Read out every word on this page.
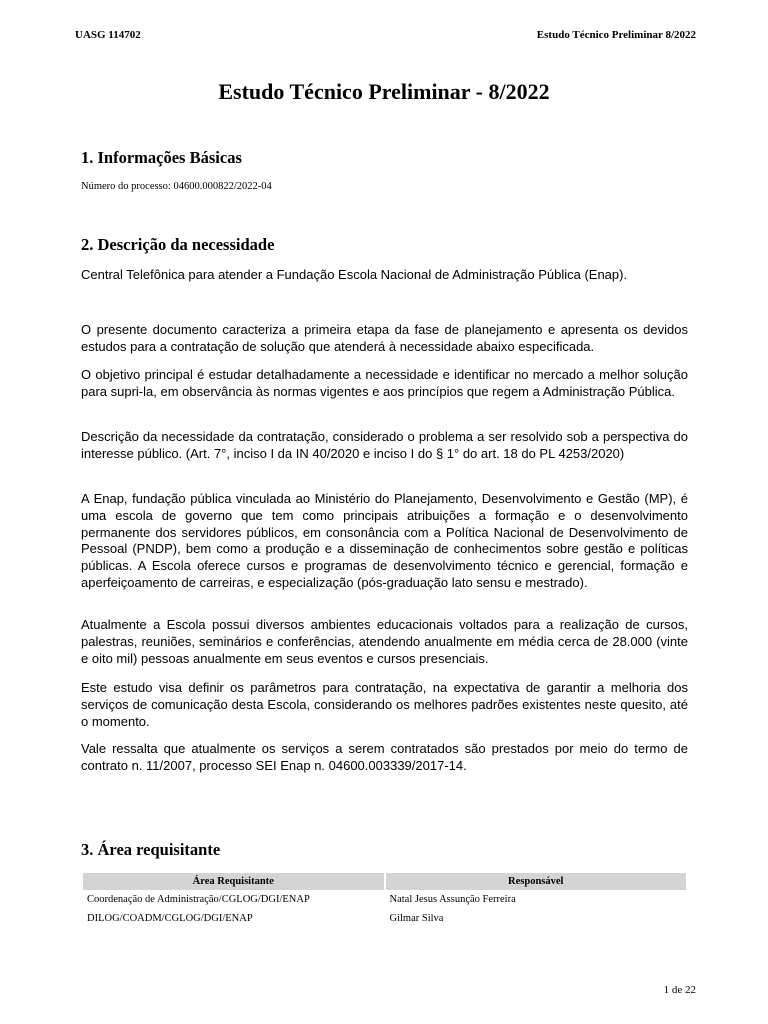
UASG 114702	Estudo Técnico Preliminar 8/2022
Estudo Técnico Preliminar - 8/2022
1. Informações Básicas
Número do processo: 04600.000822/2022-04
2. Descrição da necessidade
Central Telefônica para atender a Fundação Escola Nacional de Administração Pública (Enap).
O presente documento caracteriza a primeira etapa da fase de planejamento e apresenta os devidos estudos para a contratação de solução que atenderá à necessidade abaixo especificada.
O objetivo principal é estudar detalhadamente a necessidade e identificar no mercado a melhor solução para supri-la, em observância às normas vigentes e aos princípios que regem a Administração Pública.
Descrição da necessidade da contratação, considerado o problema a ser resolvido sob a perspectiva do interesse público. (Art. 7°, inciso I da IN 40/2020 e inciso I do § 1° do art. 18 do PL 4253/2020)
A Enap, fundação pública vinculada ao Ministério do Planejamento, Desenvolvimento e Gestão (MP), é uma escola de governo que tem como principais atribuições a formação e o desenvolvimento permanente dos servidores públicos, em consonância com a Política Nacional de Desenvolvimento de Pessoal (PNDP), bem como a produção e a disseminação de conhecimentos sobre gestão e políticas públicas. A Escola oferece cursos e programas de desenvolvimento técnico e gerencial, formação e aperfeiçoamento de carreiras, e especialização (pós-graduação lato sensu e mestrado).
Atualmente a Escola possui diversos ambientes educacionais voltados para a realização de cursos, palestras, reuniões, seminários e conferências, atendendo anualmente em média cerca de 28.000 (vinte e oito mil) pessoas anualmente em seus eventos e cursos presenciais.
Este estudo visa definir os parâmetros para contratação, na expectativa de garantir a melhoria dos serviços de comunicação desta Escola, considerando os melhores padrões existentes neste quesito, até o momento.
Vale ressalta que atualmente os serviços a serem contratados são prestados por meio do termo de contrato n. 11/2007, processo SEI Enap n. 04600.003339/2017-14.
3. Área requisitante
Área Requisitante	Responsável
Coordenação de Administração/CGLOG/DGI/ENAP	Natal Jesus Assunção Ferreira
DILOG/COADM/CGLOG/DGI/ENAP	Gilmar Silva
1 de 22
